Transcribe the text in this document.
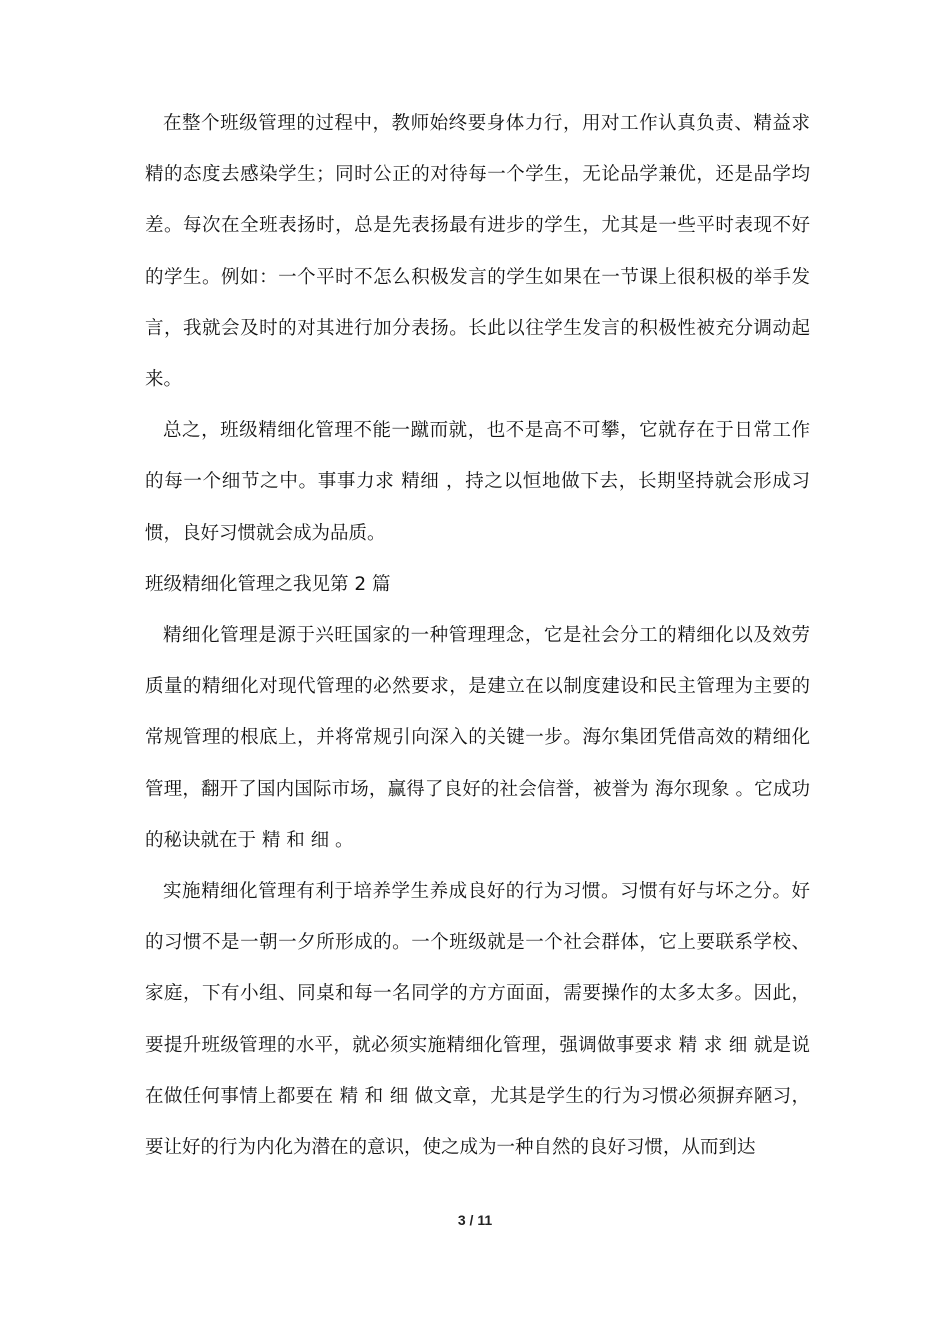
在整个班级管理的过程中，教师始终要身体力行，用对工作认真负责、精益求精的态度去感染学生；同时公正的对待每一个学生，无论品学兼优，还是品学均差。每次在全班表扬时，总是先表扬最有进步的学生，尤其是一些平时表现不好的学生。例如：一个平时不怎么积极发言的学生如果在一节课上很积极的举手发言，我就会及时的对其进行加分表扬。长此以往学生发言的积极性被充分调动起来。

总之，班级精细化管理不能一蹴而就，也不是高不可攀，它就存在于日常工作的每一个细节之中。事事力求 精细 ，持之以恒地做下去，长期坚持就会形成习惯，良好习惯就会成为品质。

班级精细化管理之我见第 2 篇

精细化管理是源于兴旺国家的一种管理理念，它是社会分工的精细化以及效劳质量的精细化对现代管理的必然要求，是建立在以制度建设和民主管理为主要的常规管理的根底上，并将常规引向深入的关键一步。海尔集团凭借高效的精细化管理，翻开了国内国际市场，赢得了良好的社会信誉，被誉为 海尔现象 。它成功的秘诀就在于 精 和 细 。

实施精细化管理有利于培养学生养成良好的行为习惯。习惯有好与坏之分。好的习惯不是一朝一夕所形成的。一个班级就是一个社会群体，它上要联系学校、家庭，下有小组、同桌和每一名同学的方方面面，需要操作的太多太多。因此，要提升班级管理的水平，就必须实施精细化管理，强调做事要求 精 求 细 就是说在做任何事情上都要在 精 和 细 做文章，尤其是学生的行为习惯必须摒弃陋习，要让好的行为内化为潜在的意识，使之成为一种自然的良好习惯，从而到达

3 / 11
